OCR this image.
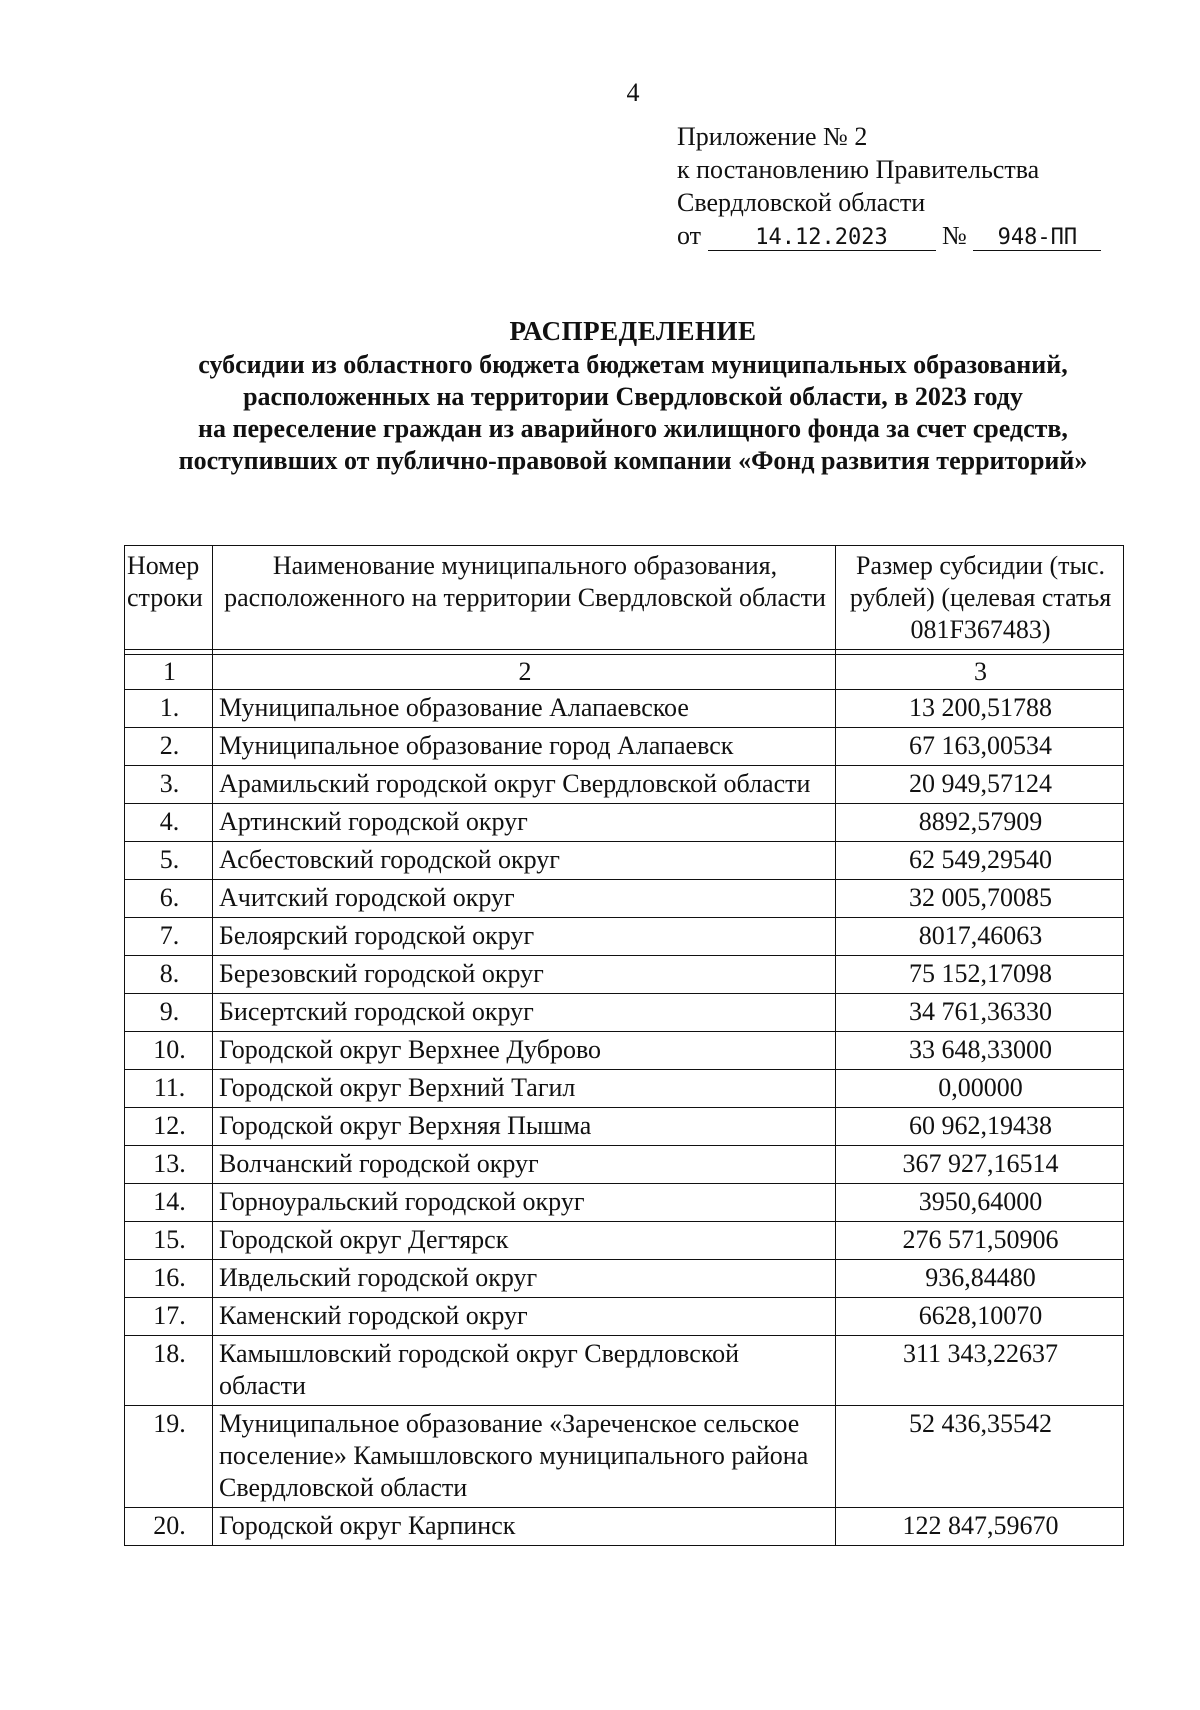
4
Приложение № 2
к постановлению Правительства
Свердловской области
от 14.12.2023 № 948-ПП
РАСПРЕДЕЛЕНИЕ
субсидии из областного бюджета бюджетам муниципальных образований,
расположенных на территории Свердловской области, в 2023 году
на переселение граждан из аварийного жилищного фонда за счет средств,
поступивших от публично-правовой компании «Фонд развития территорий»
Номер строки	Наименование муниципального образования, расположенного на территории Свердловской области	Размер субсидии (тыс. рублей) (целевая статья 081F367483)

1	2	3
1.	Муниципальное образование Алапаевское	13 200,51788
2.	Муниципальное образование город Алапаевск	67 163,00534
3.	Арамильский городской округ Свердловской области	20 949,57124
4.	Артинский городской округ	8892,57909
5.	Асбестовский городской округ	62 549,29540
6.	Ачитский городской округ	32 005,70085
7.	Белоярский городской округ	8017,46063
8.	Березовский городской округ	75 152,17098
9.	Бисертский городской округ	34 761,36330
10.	Городской округ Верхнее Дуброво	33 648,33000
11.	Городской округ Верхний Тагил	0,00000
12.	Городской округ Верхняя Пышма	60 962,19438
13.	Волчанский городской округ	367 927,16514
14.	Горноуральский городской округ	3950,64000
15.	Городской округ Дегтярск	276 571,50906
16.	Ивдельский городской округ	936,84480
17.	Каменский городской округ	6628,10070
18.	Камышловский городской округ Свердловской области	311 343,22637
19.	Муниципальное образование «Зареченское сельское поселение» Камышловского муниципального района Свердловской области	52 436,35542
20.	Городской округ Карпинск	122 847,59670
